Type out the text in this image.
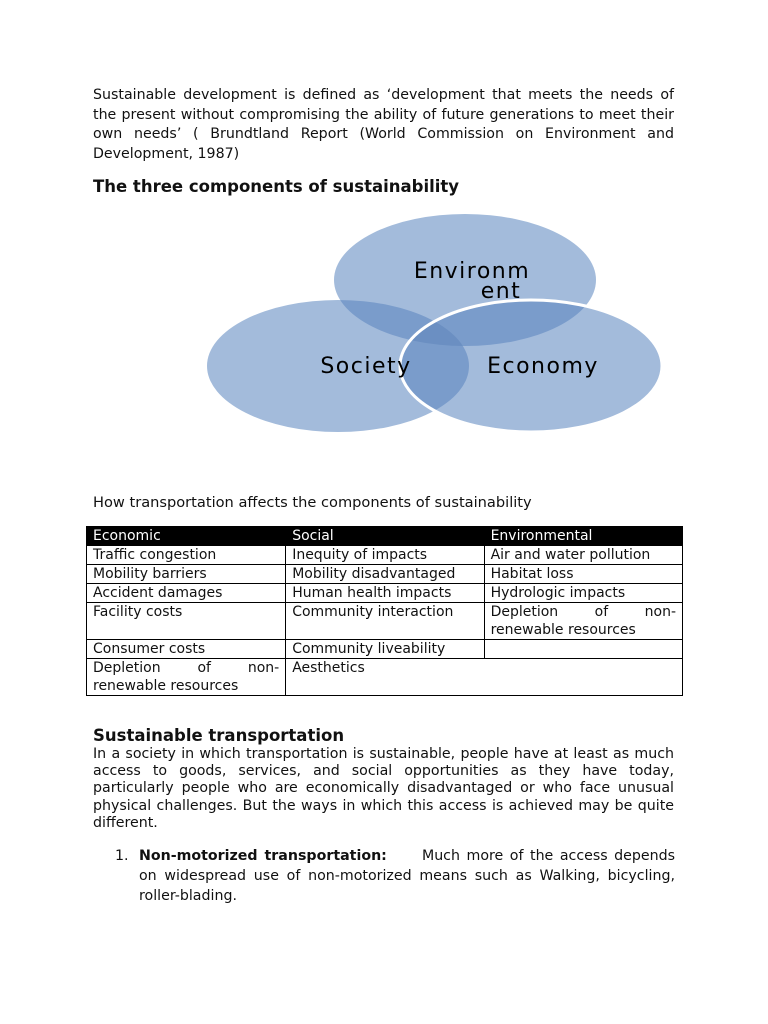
Sustainable development is defined as ‘development that meets the needs of the present without compromising the ability of future generations to meet their own needs’ ( Brundtland Report (World Commission on Environment and Development, 1987)
The three components of sustainability
Environm
ent
Society	Economy
How transportation affects the components of sustainability
Economic	Social	Environmental
Traffic congestion	Inequity of impacts	Air and water pollution
Mobility barriers	Mobility disadvantaged	Habitat loss
Accident damages	Human health impacts	Hydrologic impacts
Facility costs	Community interaction	Depletion of non-renewable resources
Consumer costs	Community liveability	
Depletion of non-renewable resources	Aesthetics	
Sustainable transportation
In a society in which transportation is sustainable, people have at least as much access to goods, services, and social opportunities as they have today, particularly people who are economically disadvantaged or who face unusual physical challenges. But the ways in which this access is achieved may be quite different.
1. Non-motorized transportation: Much more of the access depends on widespread use of non-motorized means such as Walking, bicycling, roller-blading.
